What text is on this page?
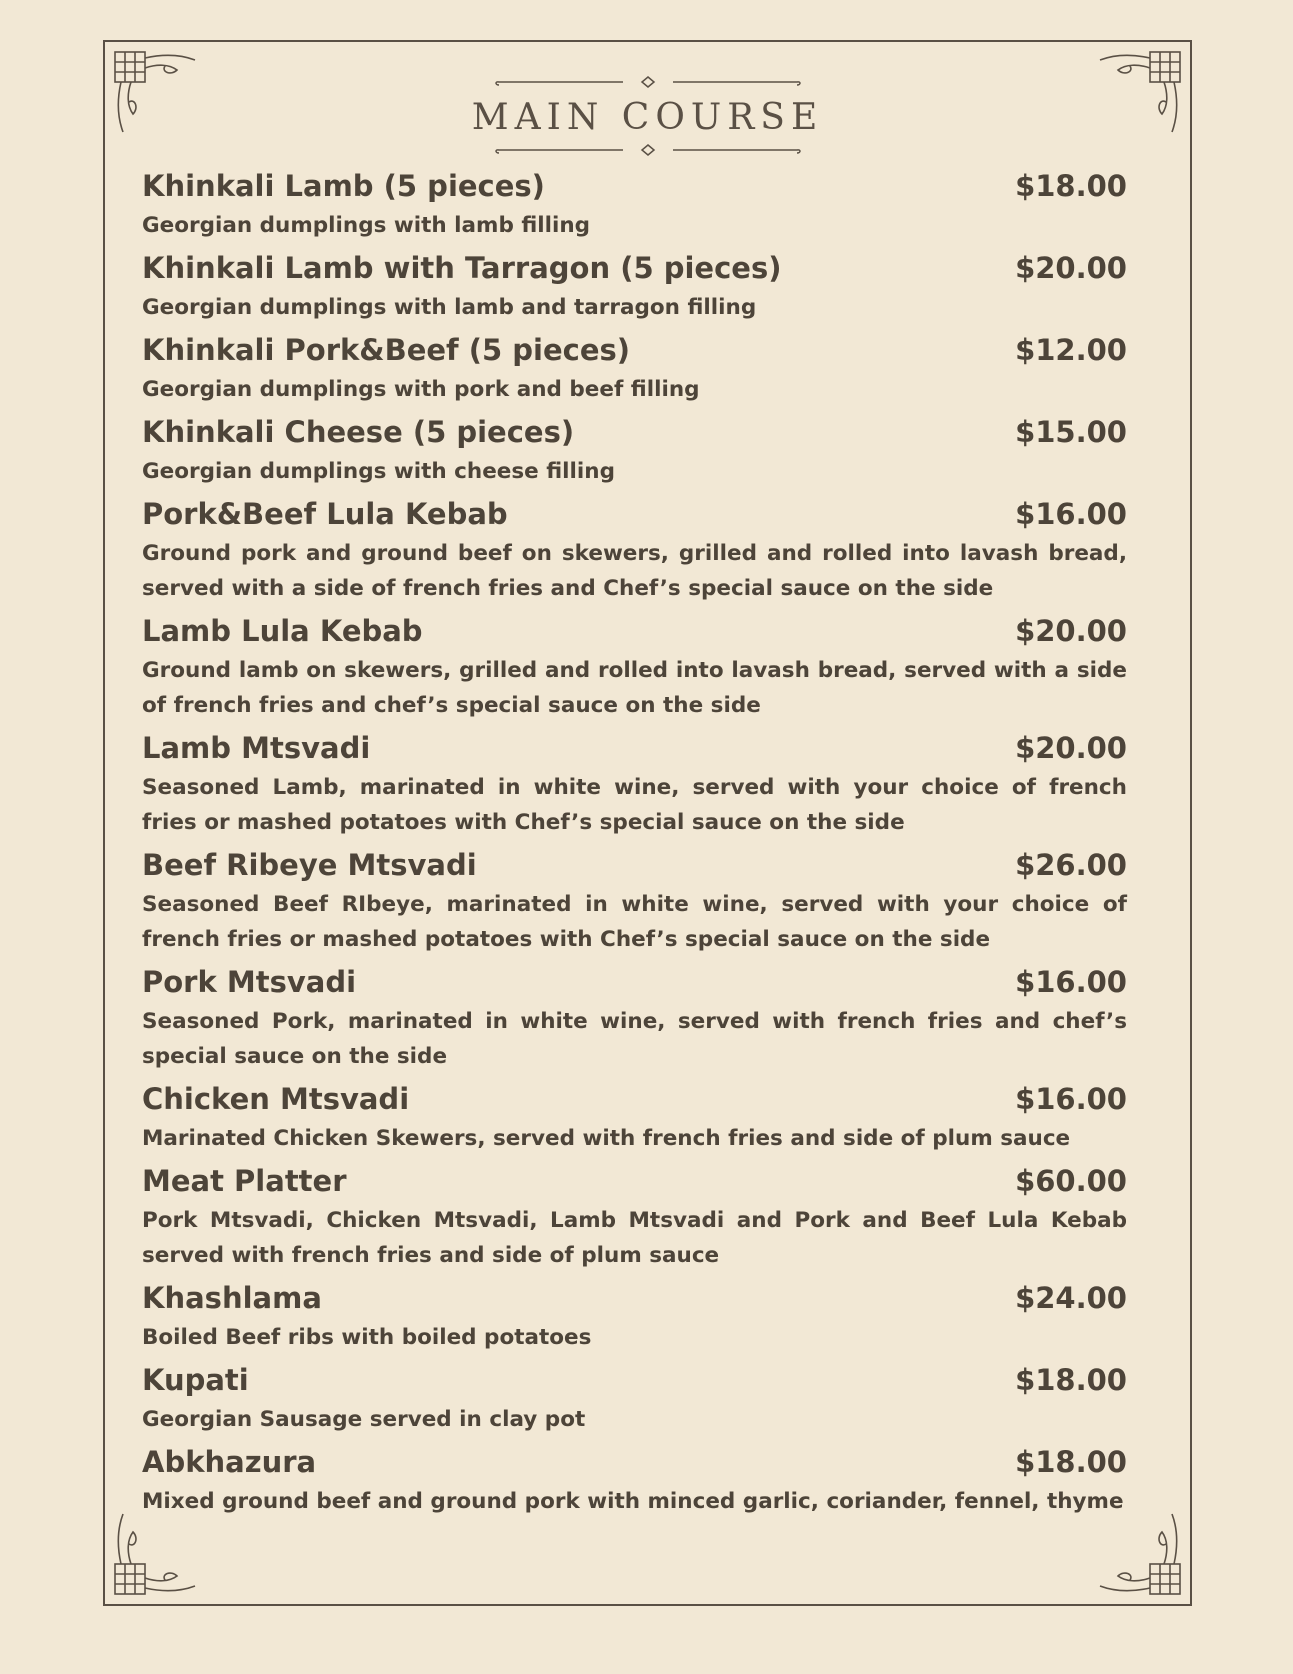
MAIN COURSE
Khinkali Lamb (5 pieces)	$18.00
Georgian dumplings with lamb filling
Khinkali Lamb with Tarragon (5 pieces)	$20.00
Georgian dumplings with lamb and tarragon filling
Khinkali Pork&Beef (5 pieces)	$12.00
Georgian dumplings with pork and beef filling
Khinkali Cheese (5 pieces)	$15.00
Georgian dumplings with cheese filling
Pork&Beef Lula Kebab	$16.00
Ground pork and ground beef on skewers, grilled and rolled into lavash bread, served with a side of french fries and Chef’s special sauce on the side
Lamb Lula Kebab	$20.00
Ground lamb on skewers, grilled and rolled into lavash bread, served with a side of french fries and chef’s special sauce on the side
Lamb Mtsvadi	$20.00
Seasoned Lamb, marinated in white wine, served with your choice of french fries or mashed potatoes with Chef’s special sauce on the side
Beef Ribeye Mtsvadi	$26.00
Seasoned Beef RIbeye, marinated in white wine, served with your choice of french fries or mashed potatoes with Chef’s special sauce on the side
Pork Mtsvadi	$16.00
Seasoned Pork, marinated in white wine, served with french fries and chef’s special sauce on the side
Chicken Mtsvadi	$16.00
Marinated Chicken Skewers, served with french fries and side of plum sauce
Meat Platter	$60.00
Pork Mtsvadi, Chicken Mtsvadi, Lamb Mtsvadi and Pork and Beef Lula Kebab served with french fries and side of plum sauce
Khashlama	$24.00
Boiled Beef ribs with boiled potatoes
Kupati	$18.00
Georgian Sausage served in clay pot
Abkhazura	$18.00
Mixed ground beef and ground pork with minced garlic, coriander, fennel, thyme
